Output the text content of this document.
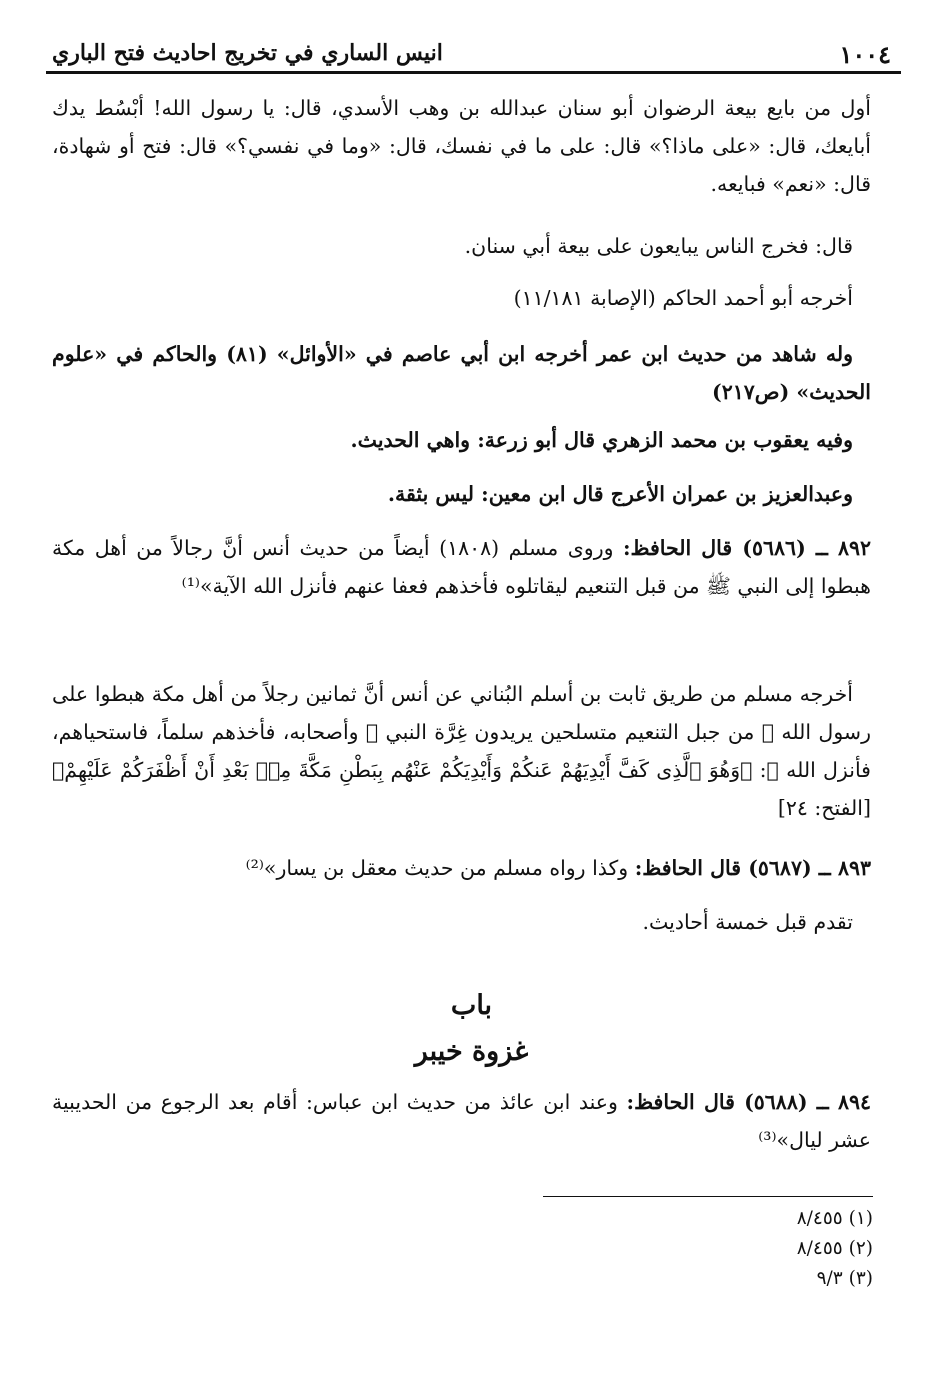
١٠٠٤
انيس الساري في تخريج احاديث فتح الباري

أول من بايع بيعة الرضوان أبو سنان عبدالله بن وهب الأسدي، قال: يا رسول الله! أبْسُط يدك أبايعك، قال: «على ماذا؟» قال: على ما في نفسك، قال: «وما في نفسي؟» قال: فتح أو شهادة، قال: «نعم» فبايعه.

قال: فخرج الناس يبايعون على بيعة أبي سنان.

أخرجه أبو أحمد الحاكم (الإصابة ١١/١٨١)

وله شاهد من حديث ابن عمر أخرجه ابن أبي عاصم في «الأوائل» (٨١) والحاكم في «علوم الحديث» (ص٢١٧)

وفيه يعقوب بن محمد الزهري قال أبو زرعة: واهي الحديث.

وعبدالعزيز بن عمران الأعرج قال ابن معين: ليس بثقة.

٨٩٢ ــ (٥٦٨٦) قال الحافظ: وروى مسلم (١٨٠٨) أيضاً من حديث أنس أنَّ رجالاً من أهل مكة هبطوا إلى النبي ﷺ من قبل التنعيم ليقاتلوه فأخذهم فعفا عنهم فأنزل الله الآية»⁽¹⁾

أخرجه مسلم من طريق ثابت بن أسلم البُناني عن أنس أنَّ ثمانين رجلاً من أهل مكة هبطوا على رسول الله ﷺ من جبل التنعيم متسلحين يريدون غِرَّة النبي ﷺ وأصحابه، فأخذهم سلماً، فاستحياهم، فأنزل الله ﷻ: ﴿وَهُوَ ٱلَّذِى كَفَّ أَيْدِيَهُمْ عَنكُمْ وَأَيْدِيَكُمْ عَنْهُم بِبَطْنِ مَكَّةَ مِنۢ بَعْدِ أَنْ أَظْفَرَكُمْ عَلَيْهِمْ﴾ [الفتح: ٢٤]

٨٩٣ ــ (٥٦٨٧) قال الحافظ: وكذا رواه مسلم من حديث معقل بن يسار»⁽²⁾

تقدم قبل خمسة أحاديث.

باب
غزوة خيبر

٨٩٤ ــ (٥٦٨٨) قال الحافظ: وعند ابن عائذ من حديث ابن عباس: أقام بعد الرجوع من الحديبية عشر ليال»⁽³⁾

(١) ٨/٤٥٥
(٢) ٨/٤٥٥
(٣) ٩/٣
